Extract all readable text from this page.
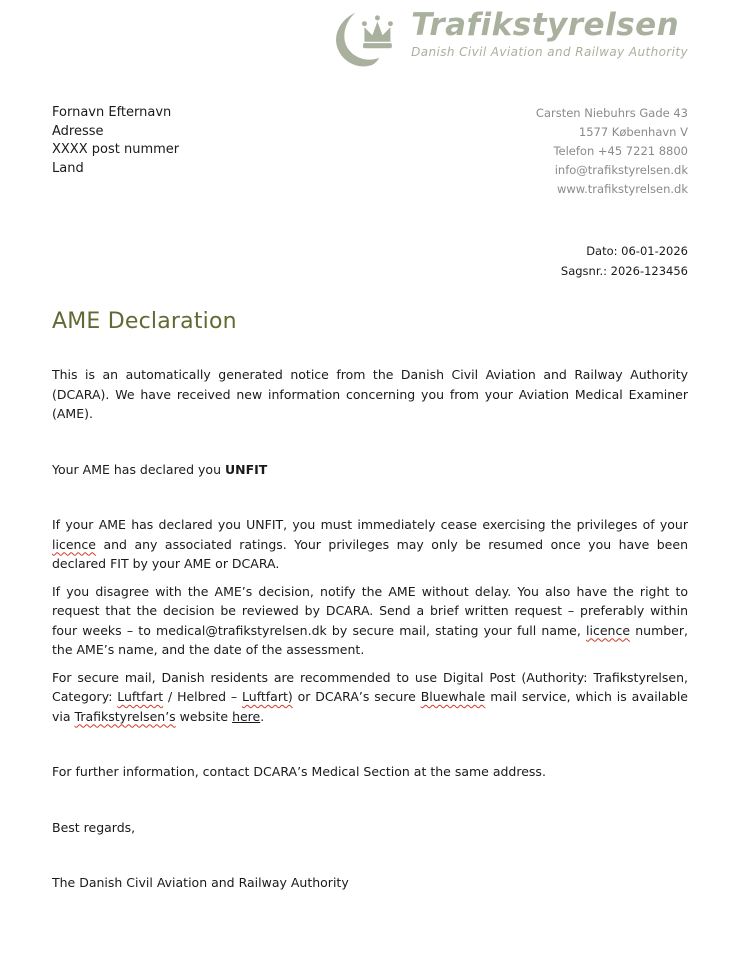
Trafikstyrelsen
Danish Civil Aviation and Railway Authority
Fornavn Efternavn
Adresse
XXXX post nummer
Land
Carsten Niebuhrs Gade 43
1577 København V
Telefon +45 7221 8800
info@trafikstyrelsen.dk
www.trafikstyrelsen.dk
Dato: 06-01-2026
Sagsnr.: 2026-123456
AME Declaration

This is an automatically generated notice from the Danish Civil Aviation and Railway Authority (DCARA). We have received new information concerning you from your Aviation Medical Examiner (AME).

Your AME has declared you UNFIT

If your AME has declared you UNFIT, you must immediately cease exercising the privileges of your licence and any associated ratings. Your privileges may only be resumed once you have been declared FIT by your AME or DCARA.

If you disagree with the AME’s decision, notify the AME without delay. You also have the right to request that the decision be reviewed by DCARA. Send a brief written request – preferably within four weeks – to medical@trafikstyrelsen.dk by secure mail, stating your full name, licence number, the AME’s name, and the date of the assessment.

For secure mail, Danish residents are recommended to use Digital Post (Authority: Trafikstyrelsen, Category: Luftfart / Helbred – Luftfart) or DCARA’s secure Bluewhale mail service, which is available via Trafikstyrelsen’s website here.

For further information, contact DCARA’s Medical Section at the same address.

Best regards,

The Danish Civil Aviation and Railway Authority
